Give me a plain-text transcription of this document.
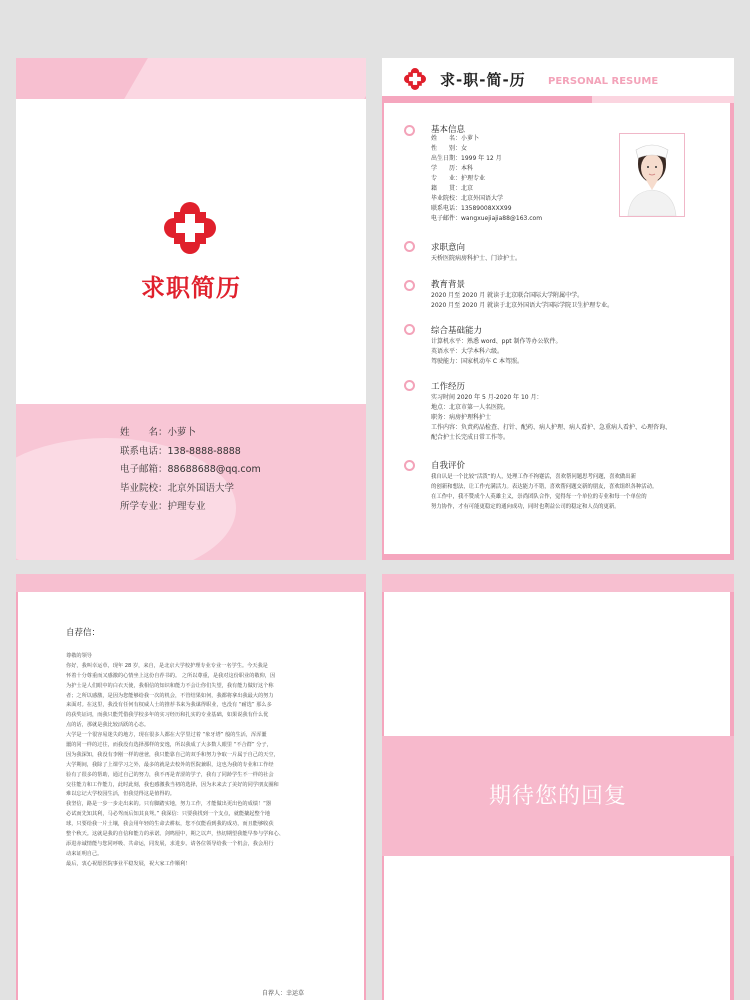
求职简历
姓　　名：小萝卜
联系电话：138-8888-8888
电子邮箱：88688688@qq.com
毕业院校：北京外国语大学
所学专业：护理专业
求-职-简-历 PERSONAL RESUME
基本信息
姓　　名：小萝卜
性　　别：女
出生日期：1999 年 12 月
学　　历：本科
专　　业：护理专业
籍　　贯：北京
毕业院校：北京外国语大学
联系电话：13589008XXX99
电子邮件：wangxuejiajia88@163.com
求职意向
天桥医院病房科护士、门诊护士。
教育背景
2020 月至 2020 月 就读于北京联合国际大学附属中学。
2020 月至 2020 月 就读于北京外国语大学国际学院卫生护理专业。
综合基础能力
计算机水平：熟悉 word、ppt 制作等办公软件。
英语水平：大学本科六级。
驾驶能力：国家机动车 C 本驾照。
工作经历
实习时间 2020 年 5 月-2020 年 10 月：
地点：北京市第一人名医院。
职务：病房护理科护士
工作内容：负责药品检查、打针、配药、病人护理、病人看护、急重病人看护、心理咨询、
配合护士长完成日常工作等。
自我评价
我自认是一个比较“活泼”的人，处理工作不拘蹇活，喜欢帮问题思考问题，喜欢做出新
的创新和想法，让工作充满活力。表达能力不错，喜欢帮问题交新的朋友，喜欢组织各种活动。
在工作中，我不赞成个人英雄主义，崇尚团队合作，觉得每一个单位的专业和每一个单位的
努力协作，才有可能更稳定的通向成功，同时也利益公司的稳定和人员的更新。
自荐信：
尊敬的领导
你好，我叫幸运草，现年 28 岁，来自，是北京大学校护理专业专业一名学生。今天我是
怀着十分尊重而又感激的心情坐上这份自荐书的。 之所以尊重，是我对这份职业的敬仰，因
为护士是人们眼中的白衣天使，我相信的知识和能力不会让你们失望，我有能力做好这个称
者；之所以感激，是因为您能够给我一次的机会，不管结果如何，我都将拿出我最大的努力
来面对。在这里，我没有任何有权威人士的推荐书来为我谋得职业，也没有 “耐选” 那么多
的获奖证词，而我只能凭借我学校多年的实习经历和扎实的专业基础，如果说我有什么优
点的话，那就是我比较活跃的心态。
大学是一个很容易迷失的地方，现在很多人都在大学里过着 “象牙塔” 般的生活，浑浑噩
噩的同一样的过往，而我没有选择那样的安逸，所以我成了大多数人眼里 “不合群” 分子，
因为我深知，我没有李刚一样的爸爸，我只能靠自己的双手和努力争取一片属于自己的天空，
大学期间，我除了上课学习之外，最多的就是去校外的医院兼职，这也为我的专业和工作经
验有了很多的帮助，通过自己的努力，我不再是青涩的学子，我有了同龄学生不一样的社会
交往能力和工作能力，此时此刻，我也感激我当初的选择，因为未来去了美好的同学朋友圈和
难以忘记大学校园生活，但我觉得这是值得的。
我坚信，路是一步一步走出来的。只有脚踏实地，努力工作，才能做出更出色的成绩！“器
必试而先知其利，马必驾而后知其良驽。” 我深信：只要我找到一个支点，就能撬起整个地
球，只要给我一片土壤，我会用年轻的生命去耕耘，您不仅能看到我的成功，而且能够收获
整个秋天。这就是我的自信和能力的承诺。剑鸣厘中，期之以声，热切期望我能早参与学和心、
添进赤诚情能与您同呼吸、共命运，同发展，求进步。请各位领导给我一个机会，我会用行
动来证明自己。
最后，衷心祝愿医院事业平稳发展，祝大家工作顺利！
自荐人：幸运草
期待您的回复
